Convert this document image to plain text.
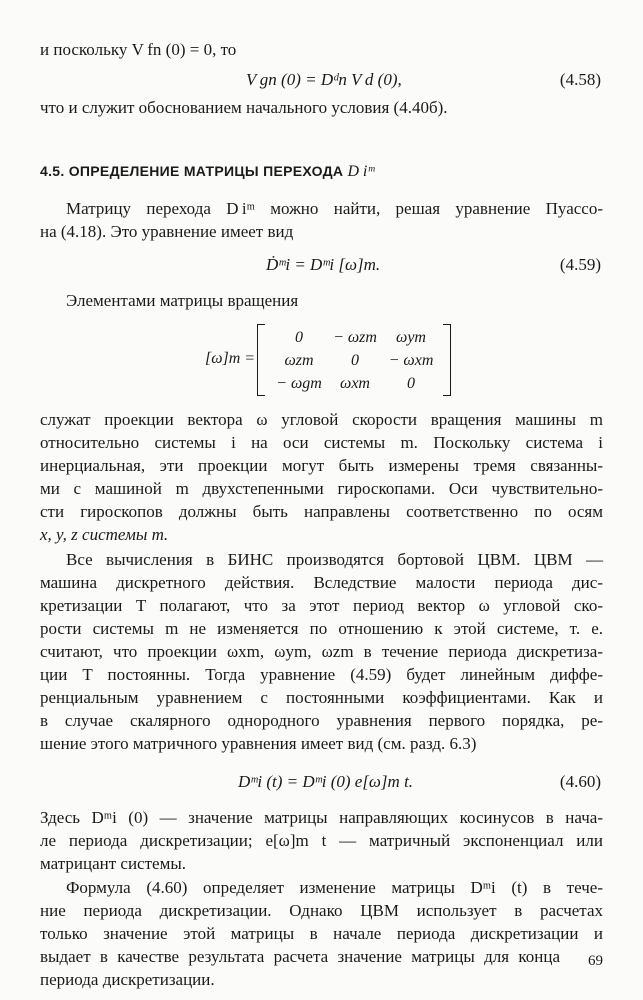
и поскольку V fn (0) = 0, то
V gn (0) = Dᵈn V d (0),	(4.58)
что и служит обоснованием начального условия (4.40б).
4.5. ОПРЕДЕЛЕНИЕ МАТРИЦЫ ПЕРЕХОДА D iᵐ
Матрицу перехода D iᵐ можно найти, решая уравнение Пуассо-
на (4.18). Это уравнение имеет вид
Ḋᵐi = Dᵐi [ω]m.	(4.59)
Элементами матрицы вращения
[ω]m =
0	− ωzm	ωym
ωzm	0	− ωxm
− ωgm	ωxm	0
служат проекции вектора ω угловой скорости вращения машины m
относительно системы i на оси системы m. Поскольку система i
инерциальная, эти проекции могут быть измерены тремя связанны-
ми с машиной m двухстепенными гироскопами. Оси чувствительно-
сти гироскопов должны быть направлены соответственно по осям
x, y, z системы m.
Все вычисления в БИНС производятся бортовой ЦВМ. ЦВМ —
машина дискретного действия. Вследствие малости периода дис-
кретизации T полагают, что за этот период вектор ω угловой ско-
рости системы m не изменяется по отношению к этой системе, т. е.
считают, что проекции ωxm, ωym, ωzm в течение периода дискретиза-
ции T постоянны. Тогда уравнение (4.59) будет линейным диффе-
ренциальным уравнением с постоянными коэффициентами. Как и
в случае скалярного однородного уравнения первого порядка, ре-
шение этого матричного уравнения имеет вид (см. разд. 6.3)
Dᵐi (t) = Dᵐi (0) e[ω]m t.	(4.60)
Здесь Dᵐi (0) — значение матрицы направляющих косинусов в нача-
ле периода дискретизации; e[ω]m t — матричный экспоненциал или
матрицант системы.
Формула (4.60) определяет изменение матрицы Dᵐi (t) в тече-
ние периода дискретизации. Однако ЦВМ использует в расчетах
только значение этой матрицы в начале периода дискретизации и
выдает в качестве результата расчета значение матрицы для конца
периода дискретизации.
69
